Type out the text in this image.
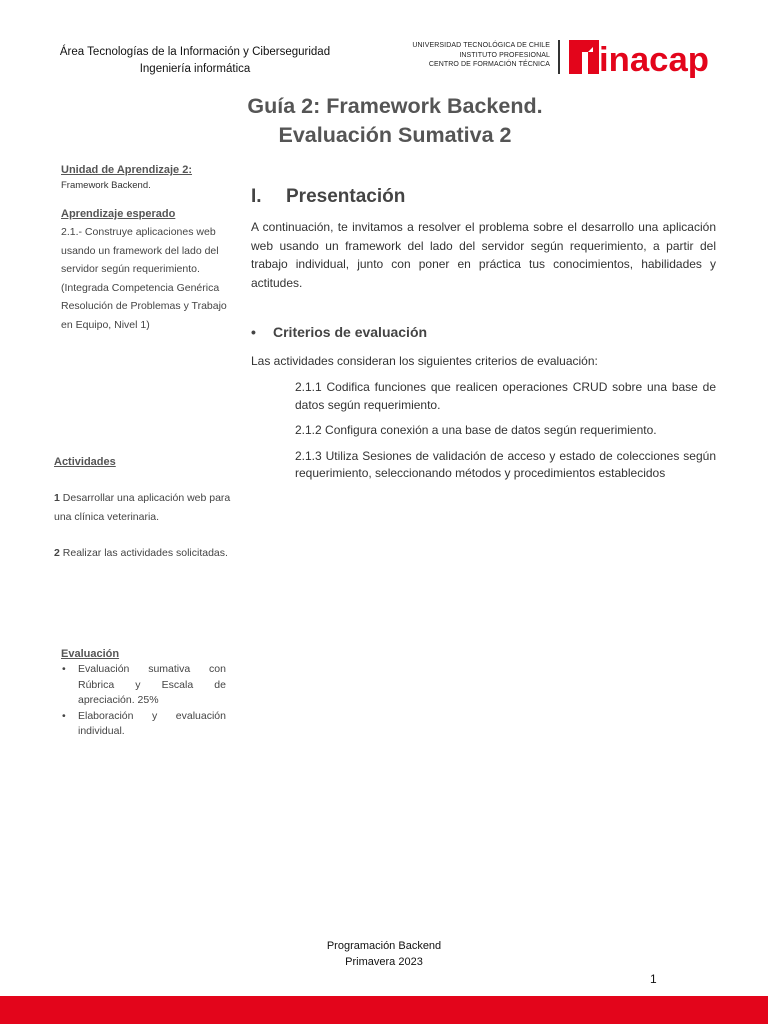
Área Tecnologías de la Información y Ciberseguridad
Ingeniería informática
UNIVERSIDAD TECNOLÓGICA DE CHILE
INSTITUTO PROFESIONAL
CENTRO DE FORMACIÓN TÉCNICA inacap
Guía 2: Framework Backend.
Evaluación Sumativa 2
Unidad de Aprendizaje 2:
Framework Backend.
Aprendizaje esperado
2.1.- Construye aplicaciones web usando un framework del lado del servidor según requerimiento. (Integrada Competencia Genérica Resolución de Problemas y Trabajo en Equipo, Nivel 1)
Actividades

1 Desarrollar una aplicación web para una clínica veterinaria.

2 Realizar las actividades solicitadas.

Evaluación
• Evaluación sumativa con Rúbrica y Escala de apreciación. 25%
• Elaboración y evaluación individual.
I. Presentación
A continuación, te invitamos a resolver el problema sobre el desarrollo una aplicación web usando un framework del lado del servidor según requerimiento, a partir del trabajo individual, junto con poner en práctica tus conocimientos, habilidades y actitudes.
• Criterios de evaluación
Las actividades consideran los siguientes criterios de evaluación:

2.1.1 Codifica funciones que realicen operaciones CRUD sobre una base de datos según requerimiento.

2.1.2 Configura conexión a una base de datos según requerimiento.

2.1.3 Utiliza Sesiones de validación de acceso y estado de colecciones según requerimiento, seleccionando métodos y procedimientos establecidos

Programación Backend
Primavera 2023
1
